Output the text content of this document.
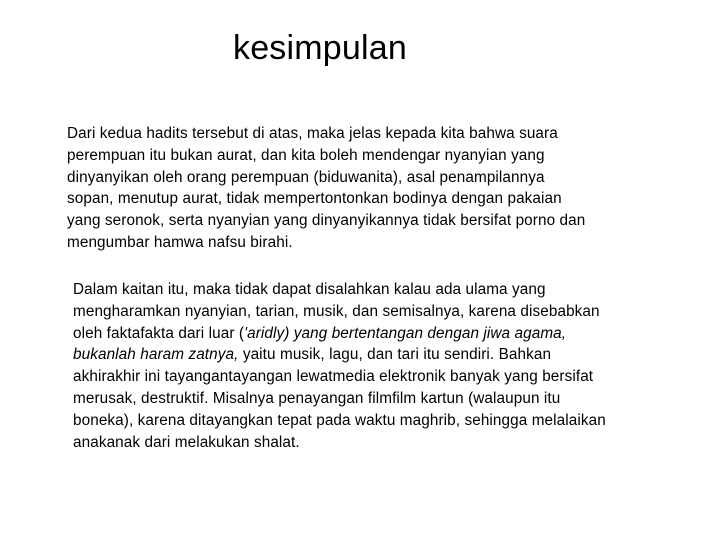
kesimpulan

Dari kedua hadits tersebut di atas, maka jelas kepada kita bahwa suara
perempuan itu bukan aurat, dan kita boleh mendengar nyanyian yang
dinyanyikan oleh orang perempuan (biduwanita), asal penampilannya
sopan, menutup aurat, tidak mempertontonkan bodinya dengan pakaian
yang seronok, serta nyanyian yang dinyanyikannya tidak bersifat porno dan
mengumbar hamwa nafsu birahi.

Dalam kaitan itu, maka tidak dapat disalahkan kalau ada ulama yang
mengharamkan nyanyian, tarian, musik, dan semisalnya, karena disebabkan
oleh faktafakta dari luar ('aridly) yang bertentangan dengan jiwa agama,
bukanlah haram zatnya, yaitu musik, lagu, dan tari itu sendiri. Bahkan
akhirakhir ini tayangantayangan lewatmedia elektronik banyak yang bersifat
merusak, destruktif. Misalnya penayangan filmfilm kartun (walaupun itu
boneka), karena ditayangkan tepat pada waktu maghrib, sehingga melalaikan
anakanak dari melakukan shalat.
